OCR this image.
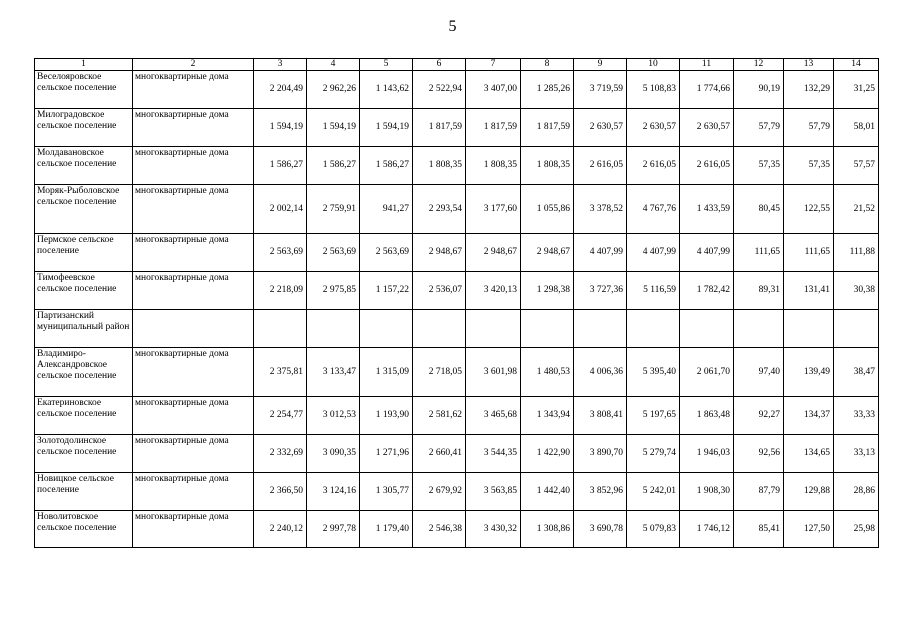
5
1	2	3	4	5	6	7	8	9	10	11	12	13	14
Веселояровское сельское поселение	многоквартирные дома	2 204,49	2 962,26	1 143,62	2 522,94	3 407,00	1 285,26	3 719,59	5 108,83	1 774,66	90,19	132,29	31,25
Милоградовское сельское поселение	многоквартирные дома	1 594,19	1 594,19	1 594,19	1 817,59	1 817,59	1 817,59	2 630,57	2 630,57	2 630,57	57,79	57,79	58,01
Молдавановское сельское поселение	многоквартирные дома	1 586,27	1 586,27	1 586,27	1 808,35	1 808,35	1 808,35	2 616,05	2 616,05	2 616,05	57,35	57,35	57,57
Моряк-Рыболовское сельское поселение	многоквартирные дома	2 002,14	2 759,91	941,27	2 293,54	3 177,60	1 055,86	3 378,52	4 767,76	1 433,59	80,45	122,55	21,52
Пермское сельское поселение	многоквартирные дома	2 563,69	2 563,69	2 563,69	2 948,67	2 948,67	2 948,67	4 407,99	4 407,99	4 407,99	111,65	111,65	111,88
Тимофеевское сельское поселение	многоквартирные дома	2 218,09	2 975,85	1 157,22	2 536,07	3 420,13	1 298,38	3 727,36	5 116,59	1 782,42	89,31	131,41	30,38
Партизанский муниципальный район													
Владимиро-Александровское сельское поселение	многоквартирные дома	2 375,81	3 133,47	1 315,09	2 718,05	3 601,98	1 480,53	4 006,36	5 395,40	2 061,70	97,40	139,49	38,47
Екатериновское сельское поселение	многоквартирные дома	2 254,77	3 012,53	1 193,90	2 581,62	3 465,68	1 343,94	3 808,41	5 197,65	1 863,48	92,27	134,37	33,33
Золотодолинское сельское поселение	многоквартирные дома	2 332,69	3 090,35	1 271,96	2 660,41	3 544,35	1 422,90	3 890,70	5 279,74	1 946,03	92,56	134,65	33,13
Новицкое сельское поселение	многоквартирные дома	2 366,50	3 124,16	1 305,77	2 679,92	3 563,85	1 442,40	3 852,96	5 242,01	1 908,30	87,79	129,88	28,86
Новолитовское сельское поселение	многоквартирные дома	2 240,12	2 997,78	1 179,40	2 546,38	3 430,32	1 308,86	3 690,78	5 079,83	1 746,12	85,41	127,50	25,98
